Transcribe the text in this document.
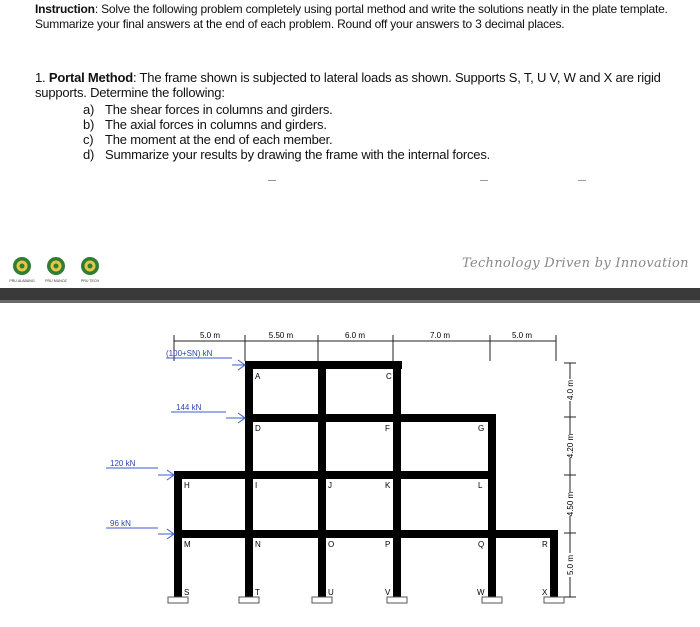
Instruction: Solve the following problem completely using portal method and write the solutions neatly in the plate template.
Summarize your final answers at the end of each problem. Round off your answers to 3 decimal places.
1. Portal Method: The frame shown is subjected to lateral loads as shown. Supports S, T, U V, W and X are rigid supports. Determine the following:
a) The shear forces in columns and girders.
b) The axial forces in columns and girders.
c) The moment at the end of each member.
d) Summarize your results by drawing the frame with the internal forces.
PRU ALABANG	PRU MUNOZ	PRU TECH
Technology Driven by Innovation
5.0 m	5.50 m	6.0 m	7.0 m	5.0 m
4.0 m
4.20 m
4.50 m
5.0 m
(100+SN) kN
144 kN
120 kN
96 kN
A	B	C
D	E	F	G
H	I	J	K	L
M	N	O	P	Q	R
S	T	U	V	W	X
